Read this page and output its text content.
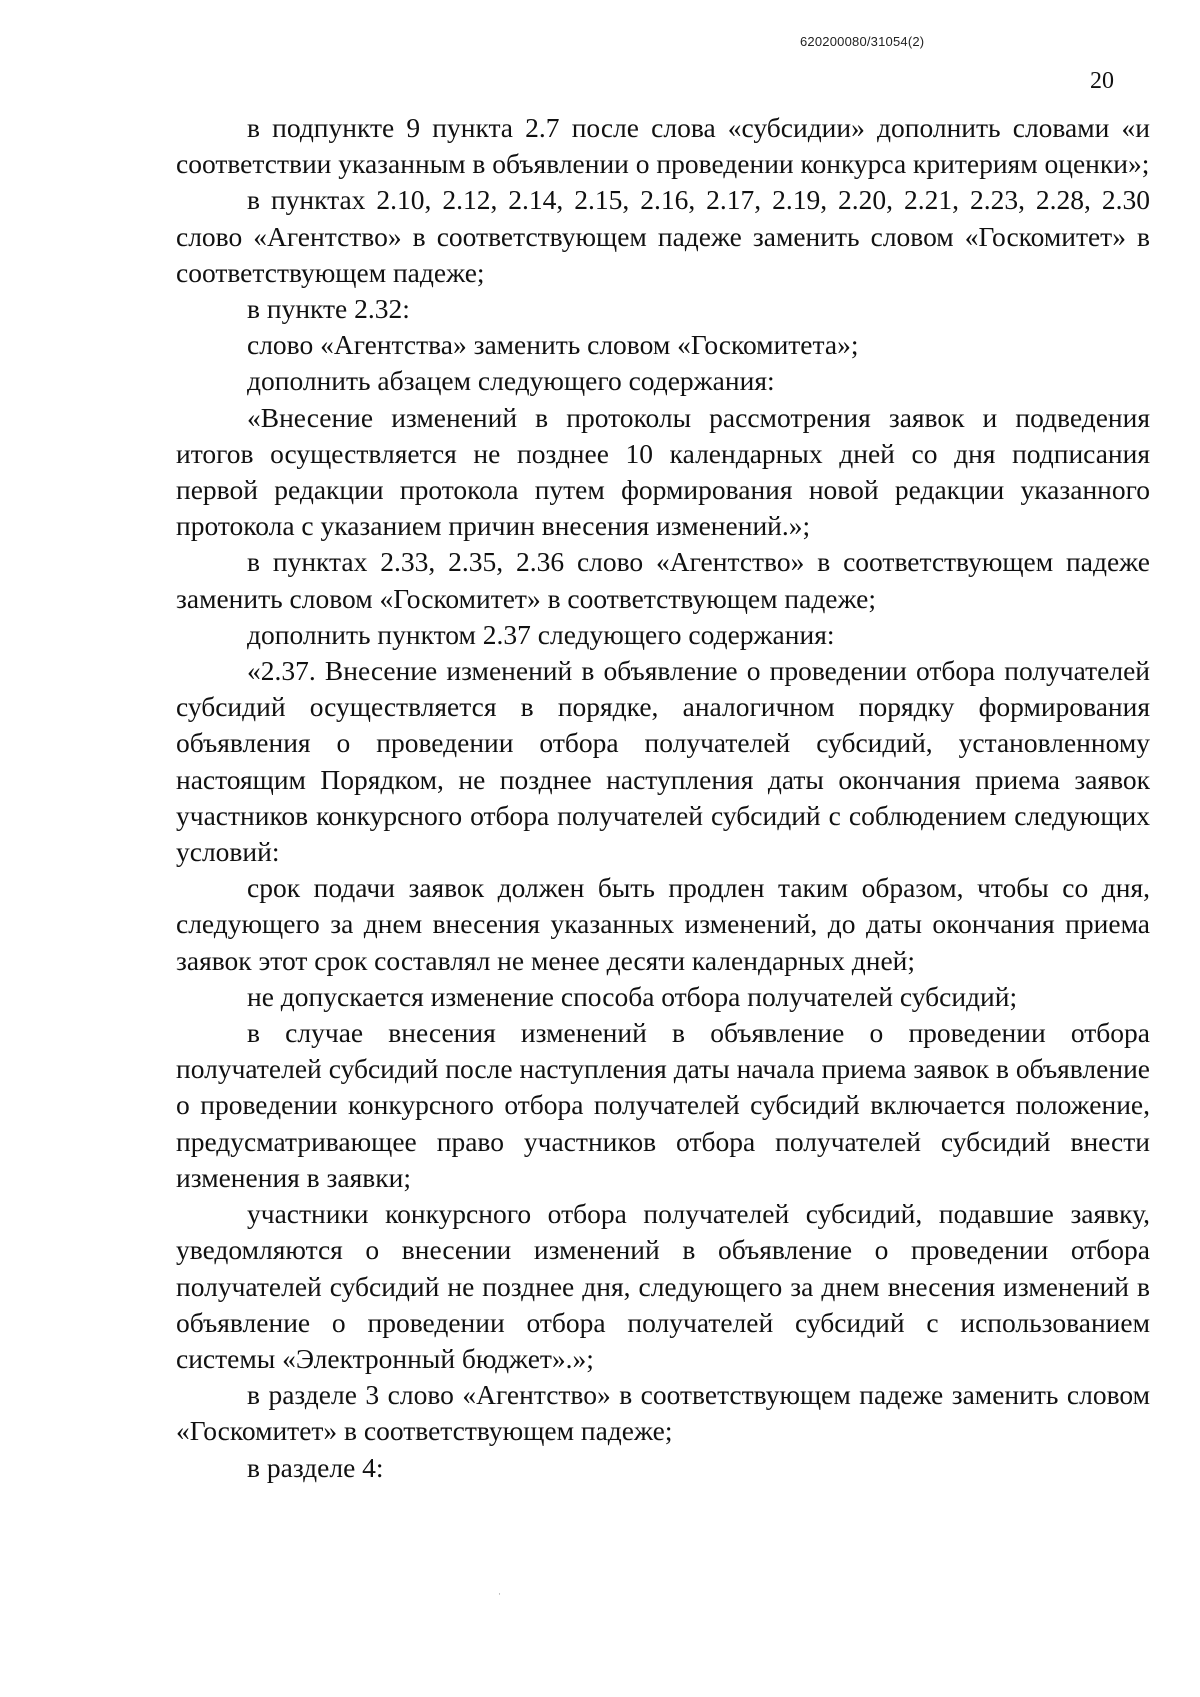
620200080/31054(2)
20

в подпункте 9 пункта 2.7 после слова «субсидии» дополнить словами «и соответствии указанным в объявлении о проведении конкурса критериям оценки»;

в пунктах 2.10, 2.12, 2.14, 2.15, 2.16, 2.17, 2.19, 2.20, 2.21, 2.23, 2.28, 2.30 слово «Агентство» в соответствующем падеже заменить словом «Госкомитет» в соответствующем падеже;

в пункте 2.32:

слово «Агентства» заменить словом «Госкомитета»;

дополнить абзацем следующего содержания:

«Внесение изменений в протоколы рассмотрения заявок и подведения итогов осуществляется не позднее 10 календарных дней со дня подписания первой редакции протокола путем формирования новой редакции указанного протокола с указанием причин внесения изменений.»;

в пунктах 2.33, 2.35, 2.36 слово «Агентство» в соответствующем падеже заменить словом «Госкомитет» в соответствующем падеже;

дополнить пунктом 2.37 следующего содержания:

«2.37. Внесение изменений в объявление о проведении отбора получателей субсидий осуществляется в порядке, аналогичном порядку формирования объявления о проведении отбора получателей субсидий, установленному настоящим Порядком, не позднее наступления даты окончания приема заявок участников конкурсного отбора получателей субсидий с соблюдением следующих условий:

срок подачи заявок должен быть продлен таким образом, чтобы со дня, следующего за днем внесения указанных изменений, до даты окончания приема заявок этот срок составлял не менее десяти календарных дней;

не допускается изменение способа отбора получателей субсидий;

в случае внесения изменений в объявление о проведении отбора получателей субсидий после наступления даты начала приема заявок в объявление о проведении конкурсного отбора получателей субсидий включается положение, предусматривающее право участников отбора получателей субсидий внести изменения в заявки;

участники конкурсного отбора получателей субсидий, подавшие заявку, уведомляются о внесении изменений в объявление о проведении отбора получателей субсидий не позднее дня, следующего за днем внесения изменений в объявление о проведении отбора получателей субсидий с использованием системы «Электронный бюджет».»;

в разделе 3 слово «Агентство» в соответствующем падеже заменить словом «Госкомитет» в соответствующем падеже;

в разделе 4:

·
